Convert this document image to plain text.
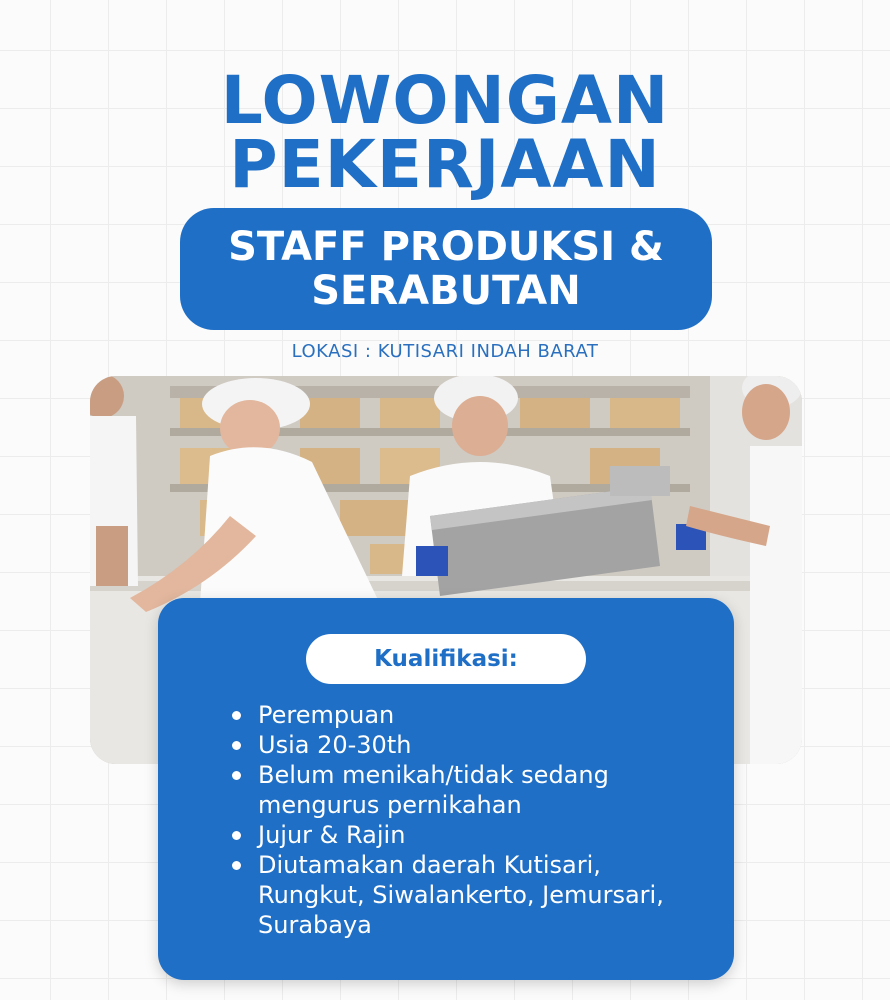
LOWONGAN
PEKERJAAN
STAFF PRODUKSI &
SERABUTAN
LOKASI : KUTISARI INDAH BARAT
Kualifikasi:
Perempuan
Usia 20-30th
Belum menikah/tidak sedang mengurus pernikahan
Jujur & Rajin
Diutamakan daerah Kutisari, Rungkut, Siwalankerto, Jemursari, Surabaya
